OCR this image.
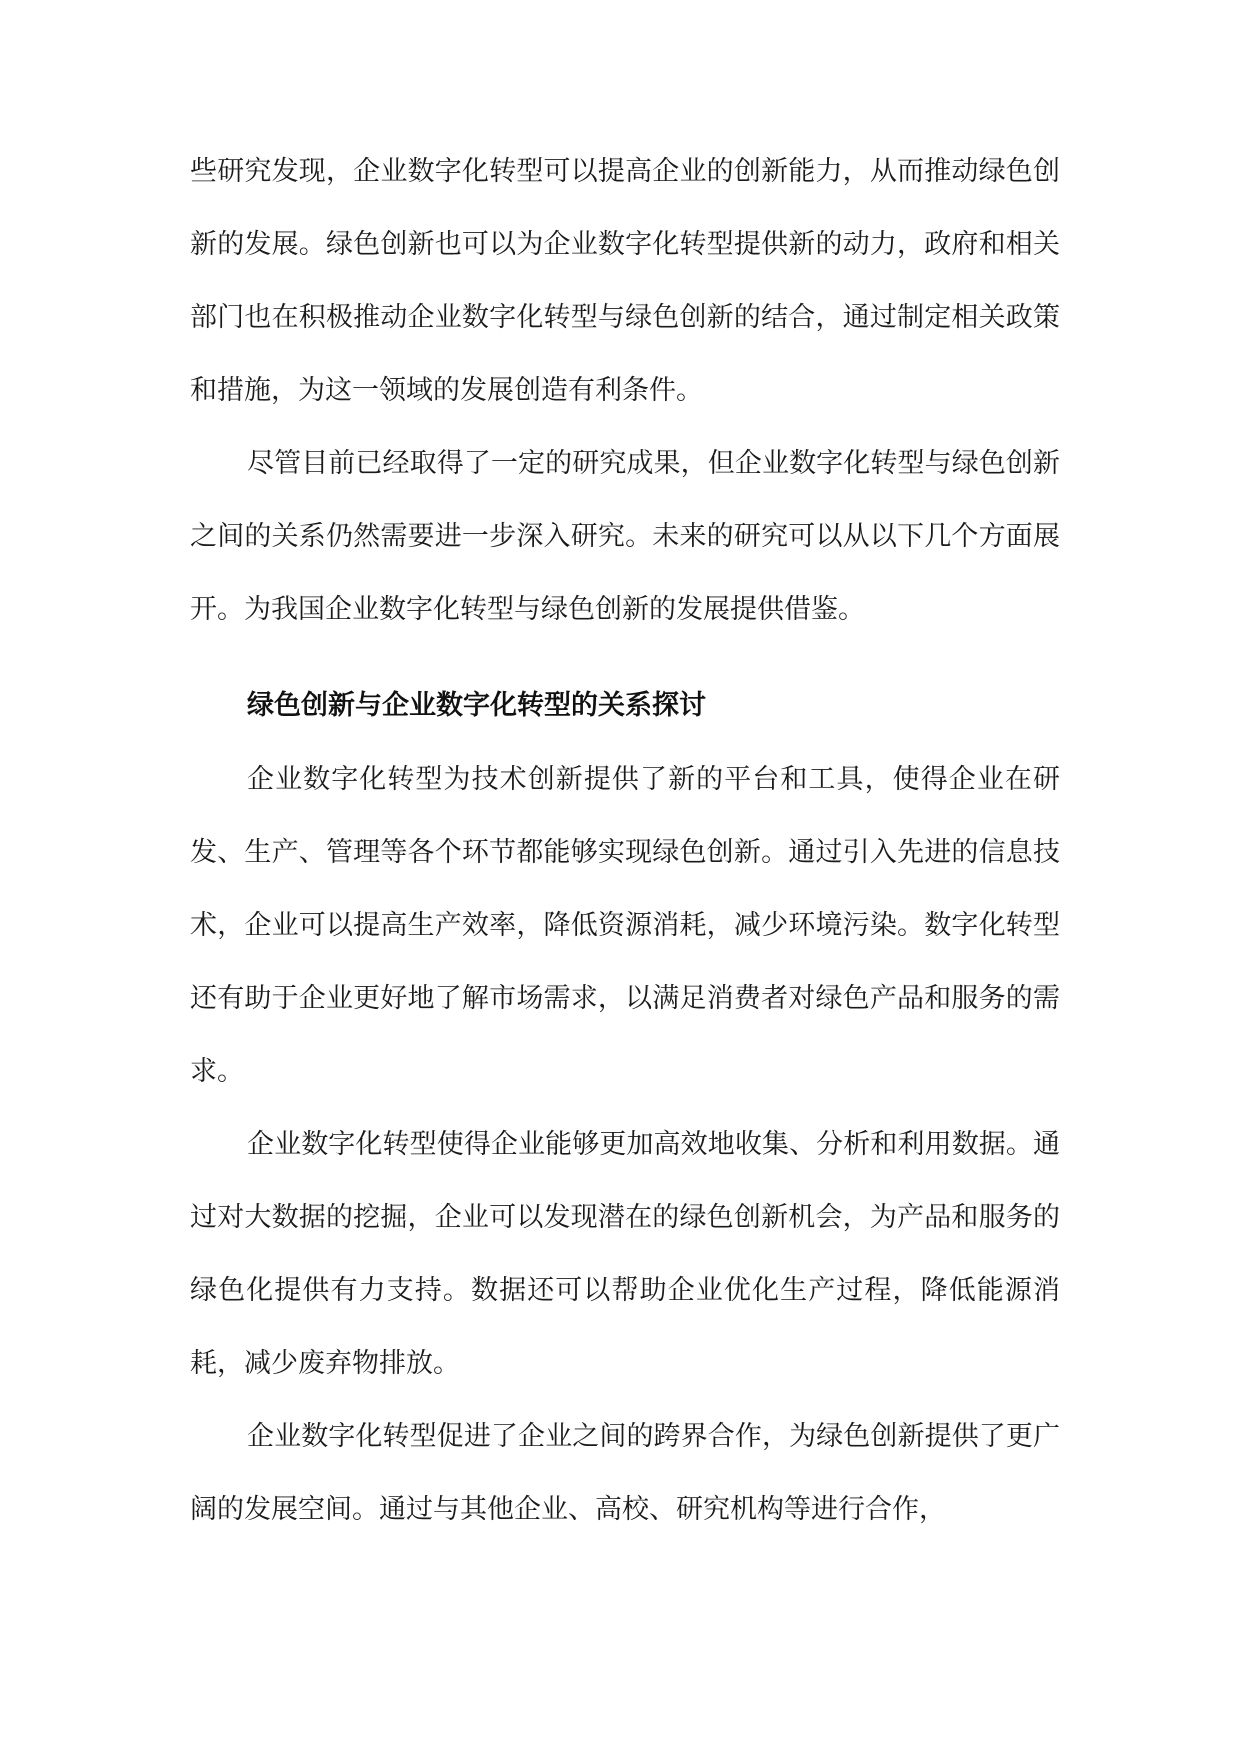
些研究发现，企业数字化转型可以提高企业的创新能力，从而推动绿色创新的发展。绿色创新也可以为企业数字化转型提供新的动力，政府和相关部门也在积极推动企业数字化转型与绿色创新的结合，通过制定相关政策和措施，为这一领域的发展创造有利条件。

尽管目前已经取得了一定的研究成果，但企业数字化转型与绿色创新之间的关系仍然需要进一步深入研究。未来的研究可以从以下几个方面展开。为我国企业数字化转型与绿色创新的发展提供借鉴。

绿色创新与企业数字化转型的关系探讨

企业数字化转型为技术创新提供了新的平台和工具，使得企业在研发、生产、管理等各个环节都能够实现绿色创新。通过引入先进的信息技术，企业可以提高生产效率，降低资源消耗，减少环境污染。数字化转型还有助于企业更好地了解市场需求，以满足消费者对绿色产品和服务的需求。

企业数字化转型使得企业能够更加高效地收集、分析和利用数据。通过对大数据的挖掘，企业可以发现潜在的绿色创新机会，为产品和服务的绿色化提供有力支持。数据还可以帮助企业优化生产过程，降低能源消耗，减少废弃物排放。

企业数字化转型促进了企业之间的跨界合作，为绿色创新提供了更广阔的发展空间。通过与其他企业、高校、研究机构等进行合作，
